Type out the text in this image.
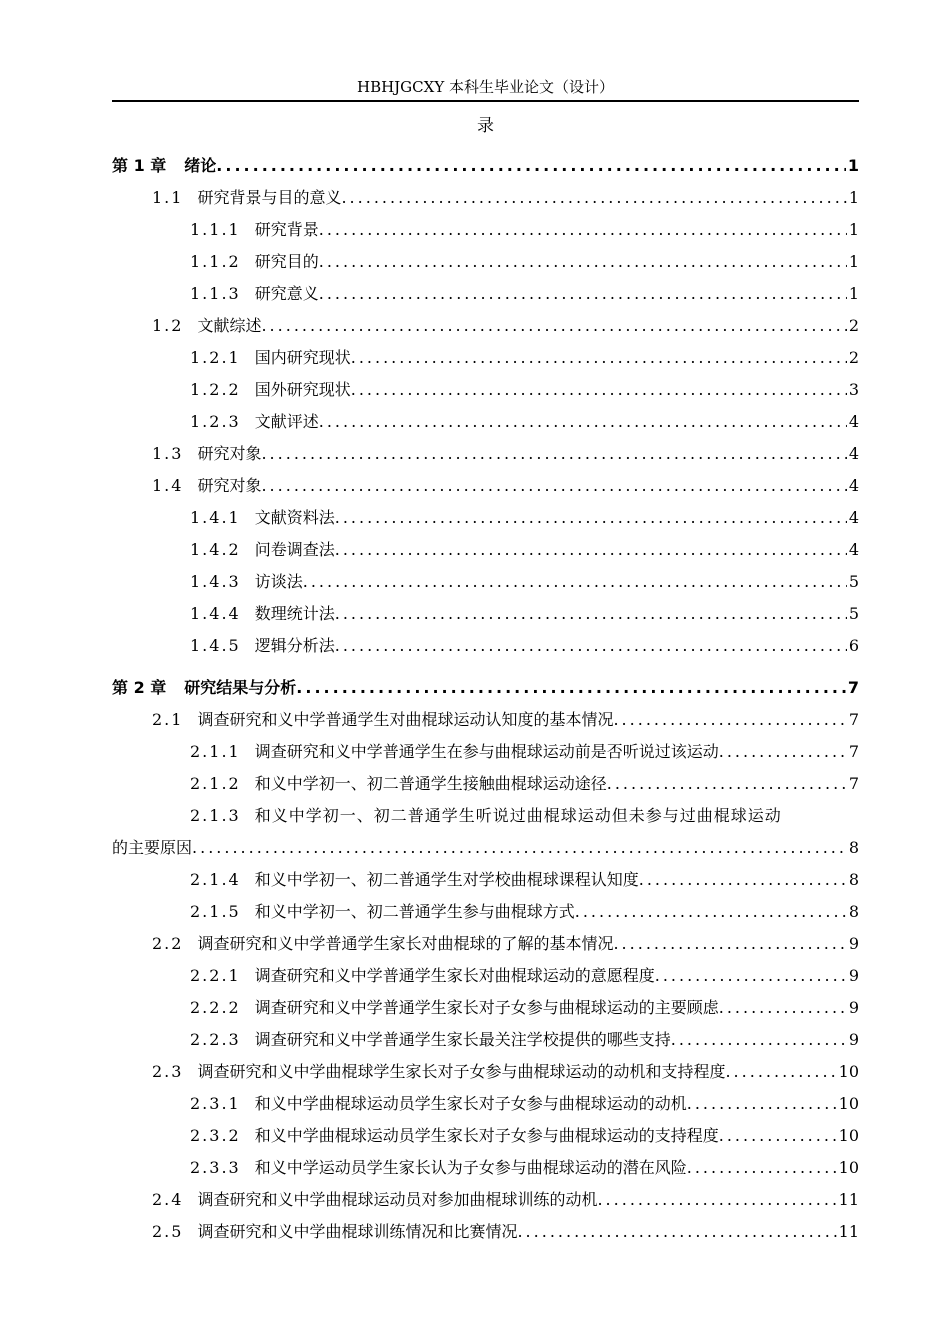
HBHJGCXY 本科生毕业论文（设计）
录
第 1 章	绪论 .....	1
1.1 研究背景与目的意义 .....	1
1.1.1 研究背景 .....	1
1.1.2 研究目的 .....	1
1.1.3 研究意义 .....	1
1.2 文献综述 .....	2
1.2.1 国内研究现状 .....	2
1.2.2 国外研究现状 .....	3
1.2.3 文献评述 .....	4
1.3 研究对象 .....	4
1.4 研究对象 .....	4
1.4.1 文献资料法 .....	4
1.4.2 问卷调查法 .....	4
1.4.3 访谈法 .....	5
1.4.4 数理统计法 .....	5
1.4.5 逻辑分析法 .....	6
第 2 章	研究结果与分析 .....	7
2.1 调查研究和义中学普通学生对曲棍球运动认知度的基本情况 .....	7
2.1.1 调查研究和义中学普通学生在参与曲棍球运动前是否听说过该运动 .....	7
2.1.2 和义中学初一、初二普通学生接触曲棍球运动途径 .....	7
2.1.3 和义中学初一、初二普通学生听说过曲棍球运动但未参与过曲棍球运动
的主要原因 .....	8
2.1.4 和义中学初一、初二普通学生对学校曲棍球课程认知度 .....	8
2.1.5 和义中学初一、初二普通学生参与曲棍球方式 .....	8
2.2 调查研究和义中学普通学生家长对曲棍球的了解的基本情况 .....	9
2.2.1 调查研究和义中学普通学生家长对曲棍球运动的意愿程度 .....	9
2.2.2 调查研究和义中学普通学生家长对子女参与曲棍球运动的主要顾虑 .....	9
2.2.3 调查研究和义中学普通学生家长最关注学校提供的哪些支持 .....	9
2.3 调查研究和义中学曲棍球学生家长对子女参与曲棍球运动的动机和支持程度 .....	10
2.3.1 和义中学曲棍球运动员学生家长对子女参与曲棍球运动的动机 .....	10
2.3.2 和义中学曲棍球运动员学生家长对子女参与曲棍球运动的支持程度 .....	10
2.3.3 和义中学运动员学生家长认为子女参与曲棍球运动的潜在风险 .....	10
2.4 调查研究和义中学曲棍球运动员对参加曲棍球训练的动机 .....	11
2.5 调查研究和义中学曲棍球训练情况和比赛情况 .....	11
